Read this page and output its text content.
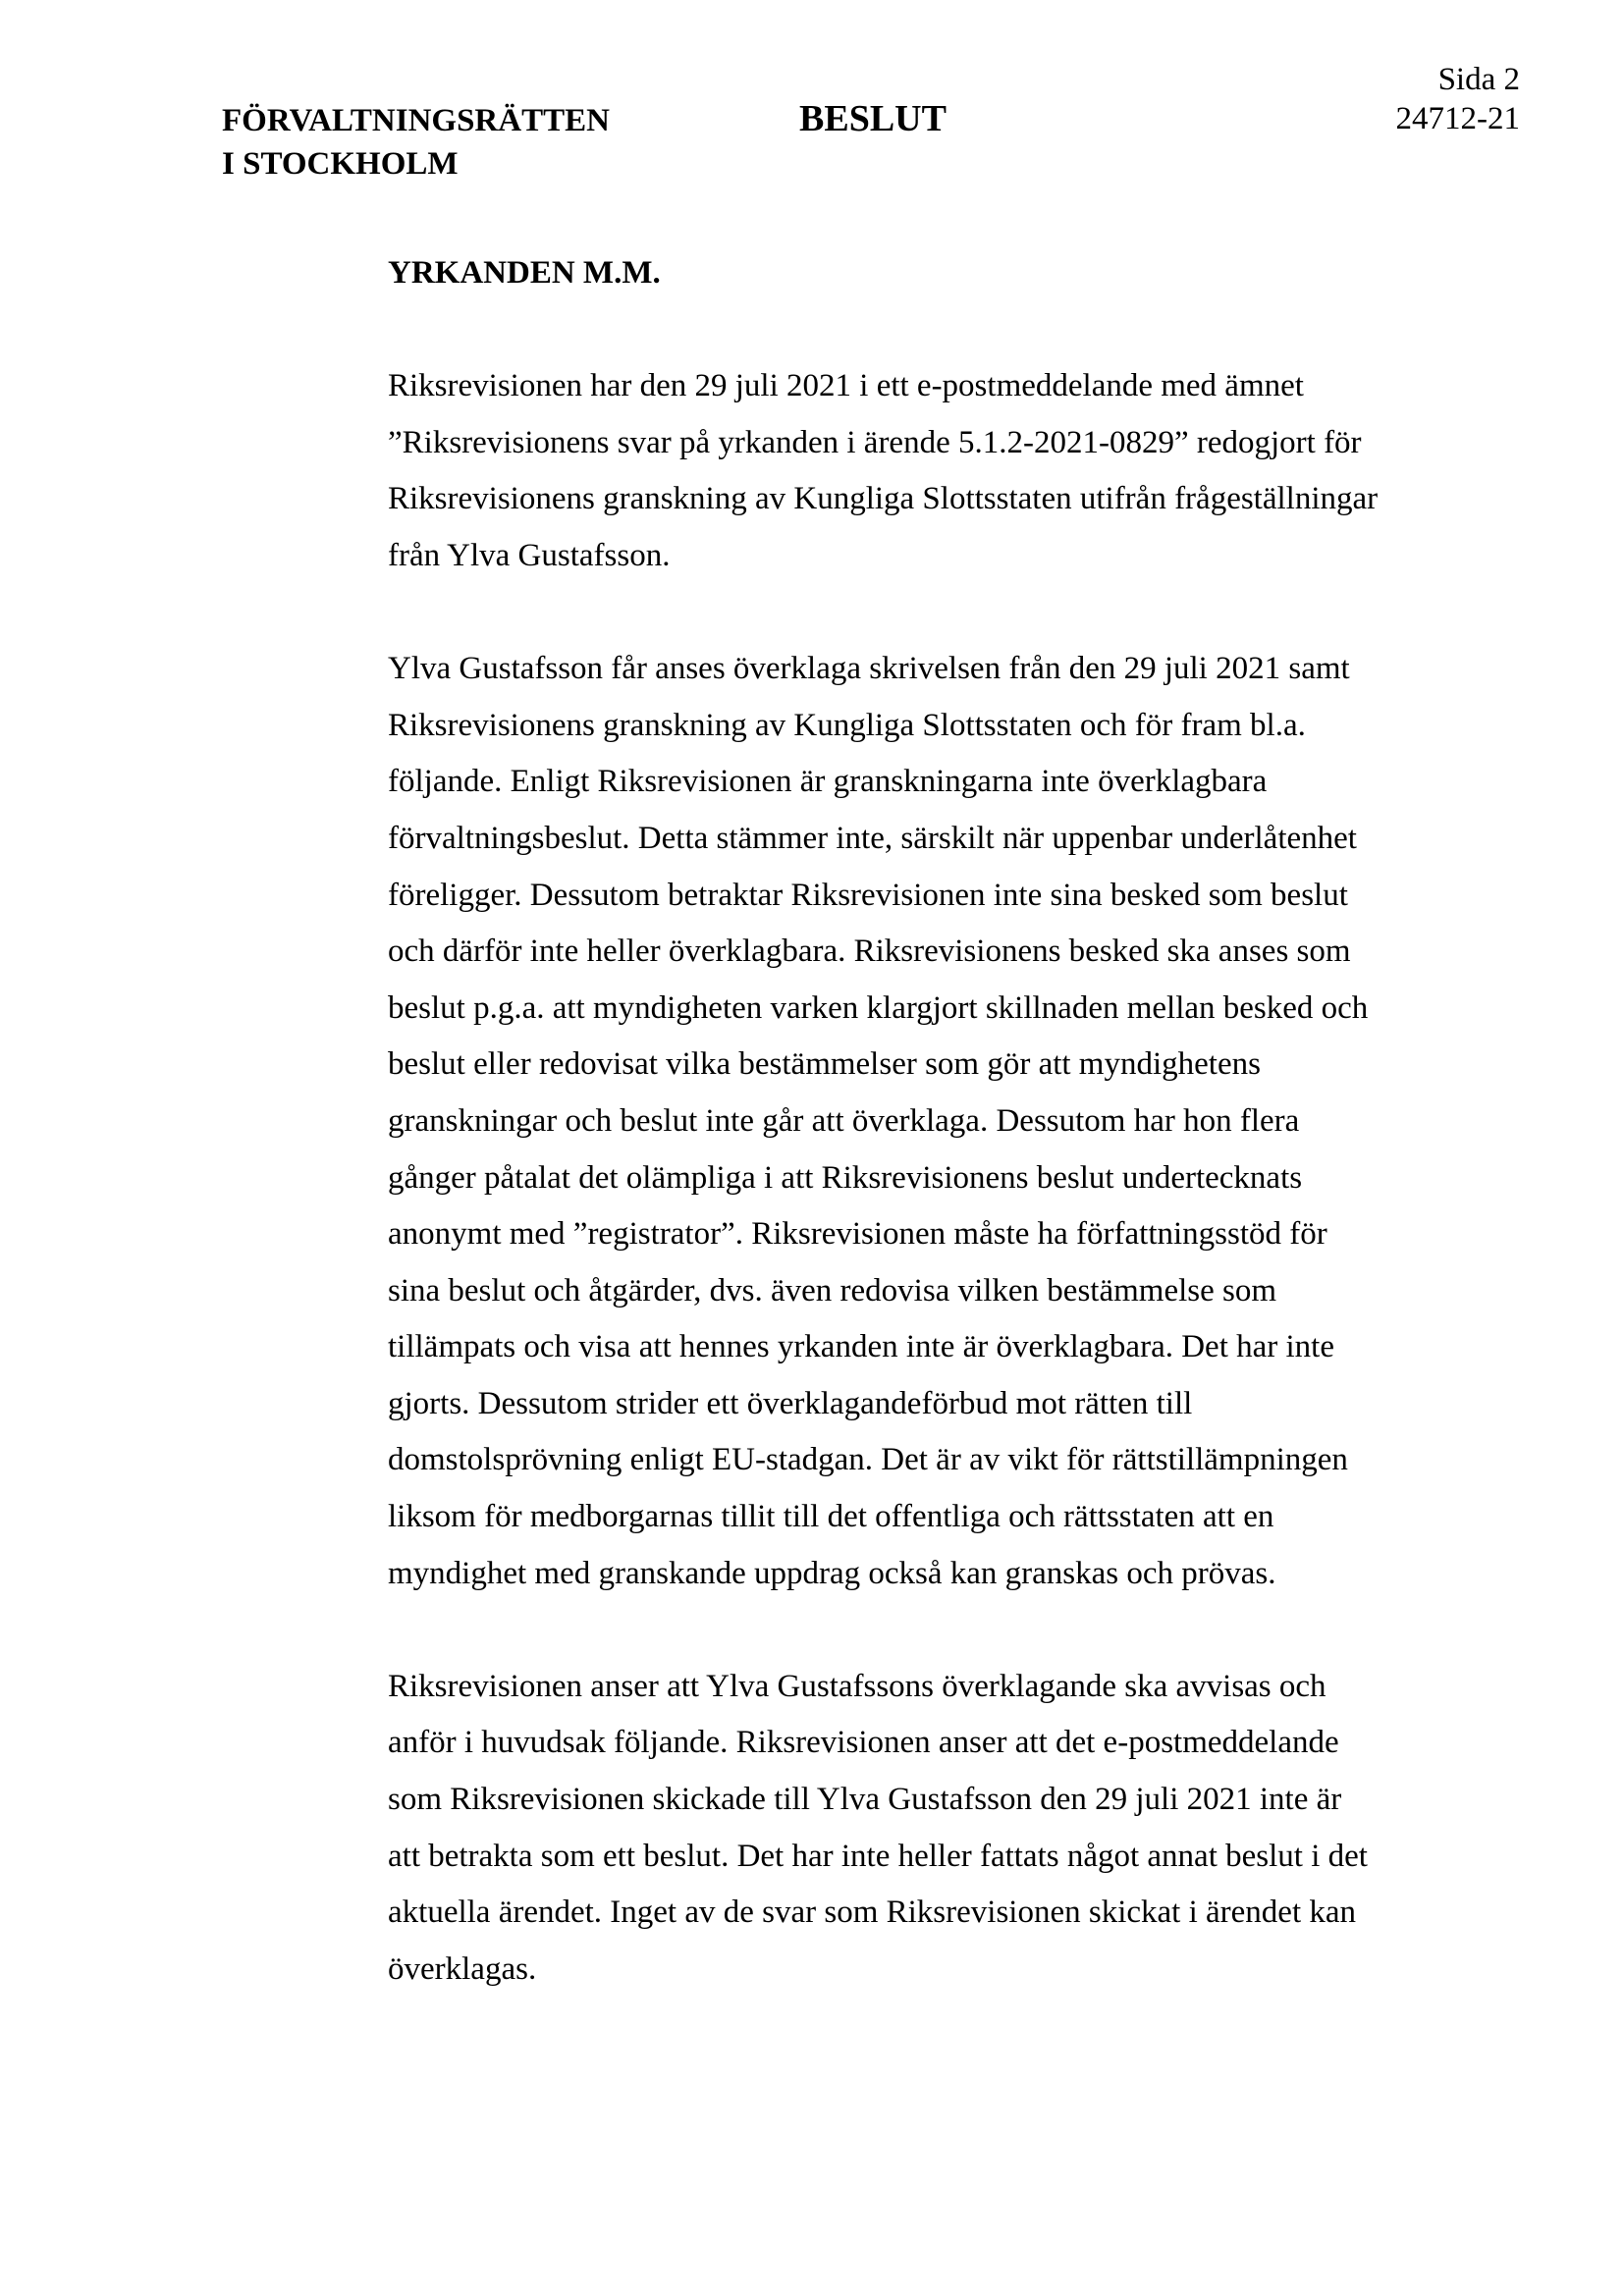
FÖRVALTNINGSRÄTTEN
I STOCKHOLM
BESLUT
Sida 2
24712-21
YRKANDEN M.M.
Riksrevisionen har den 29 juli 2021 i ett e-postmeddelande med ämnet
”Riksrevisionens svar på yrkanden i ärende 5.1.2-2021-0829” redogjort för
Riksrevisionens granskning av Kungliga Slottsstaten utifrån frågeställningar
från Ylva Gustafsson.
Ylva Gustafsson får anses överklaga skrivelsen från den 29 juli 2021 samt
Riksrevisionens granskning av Kungliga Slottsstaten och för fram bl.a.
följande. Enligt Riksrevisionen är granskningarna inte överklagbara
förvaltningsbeslut. Detta stämmer inte, särskilt när uppenbar underlåtenhet
föreligger. Dessutom betraktar Riksrevisionen inte sina besked som beslut
och därför inte heller överklagbara. Riksrevisionens besked ska anses som
beslut p.g.a. att myndigheten varken klargjort skillnaden mellan besked och
beslut eller redovisat vilka bestämmelser som gör att myndighetens
granskningar och beslut inte går att överklaga. Dessutom har hon flera
gånger påtalat det olämpliga i att Riksrevisionens beslut undertecknats
anonymt med ”registrator”. Riksrevisionen måste ha författningsstöd för
sina beslut och åtgärder, dvs. även redovisa vilken bestämmelse som
tillämpats och visa att hennes yrkanden inte är överklagbara. Det har inte
gjorts. Dessutom strider ett överklagandeförbud mot rätten till
domstolsprövning enligt EU-stadgan. Det är av vikt för rättstillämpningen
liksom för medborgarnas tillit till det offentliga och rättsstaten att en
myndighet med granskande uppdrag också kan granskas och prövas.
Riksrevisionen anser att Ylva Gustafssons överklagande ska avvisas och
anför i huvudsak följande. Riksrevisionen anser att det e-postmeddelande
som Riksrevisionen skickade till Ylva Gustafsson den 29 juli 2021 inte är
att betrakta som ett beslut. Det har inte heller fattats något annat beslut i det
aktuella ärendet. Inget av de svar som Riksrevisionen skickat i ärendet kan
överklagas.
